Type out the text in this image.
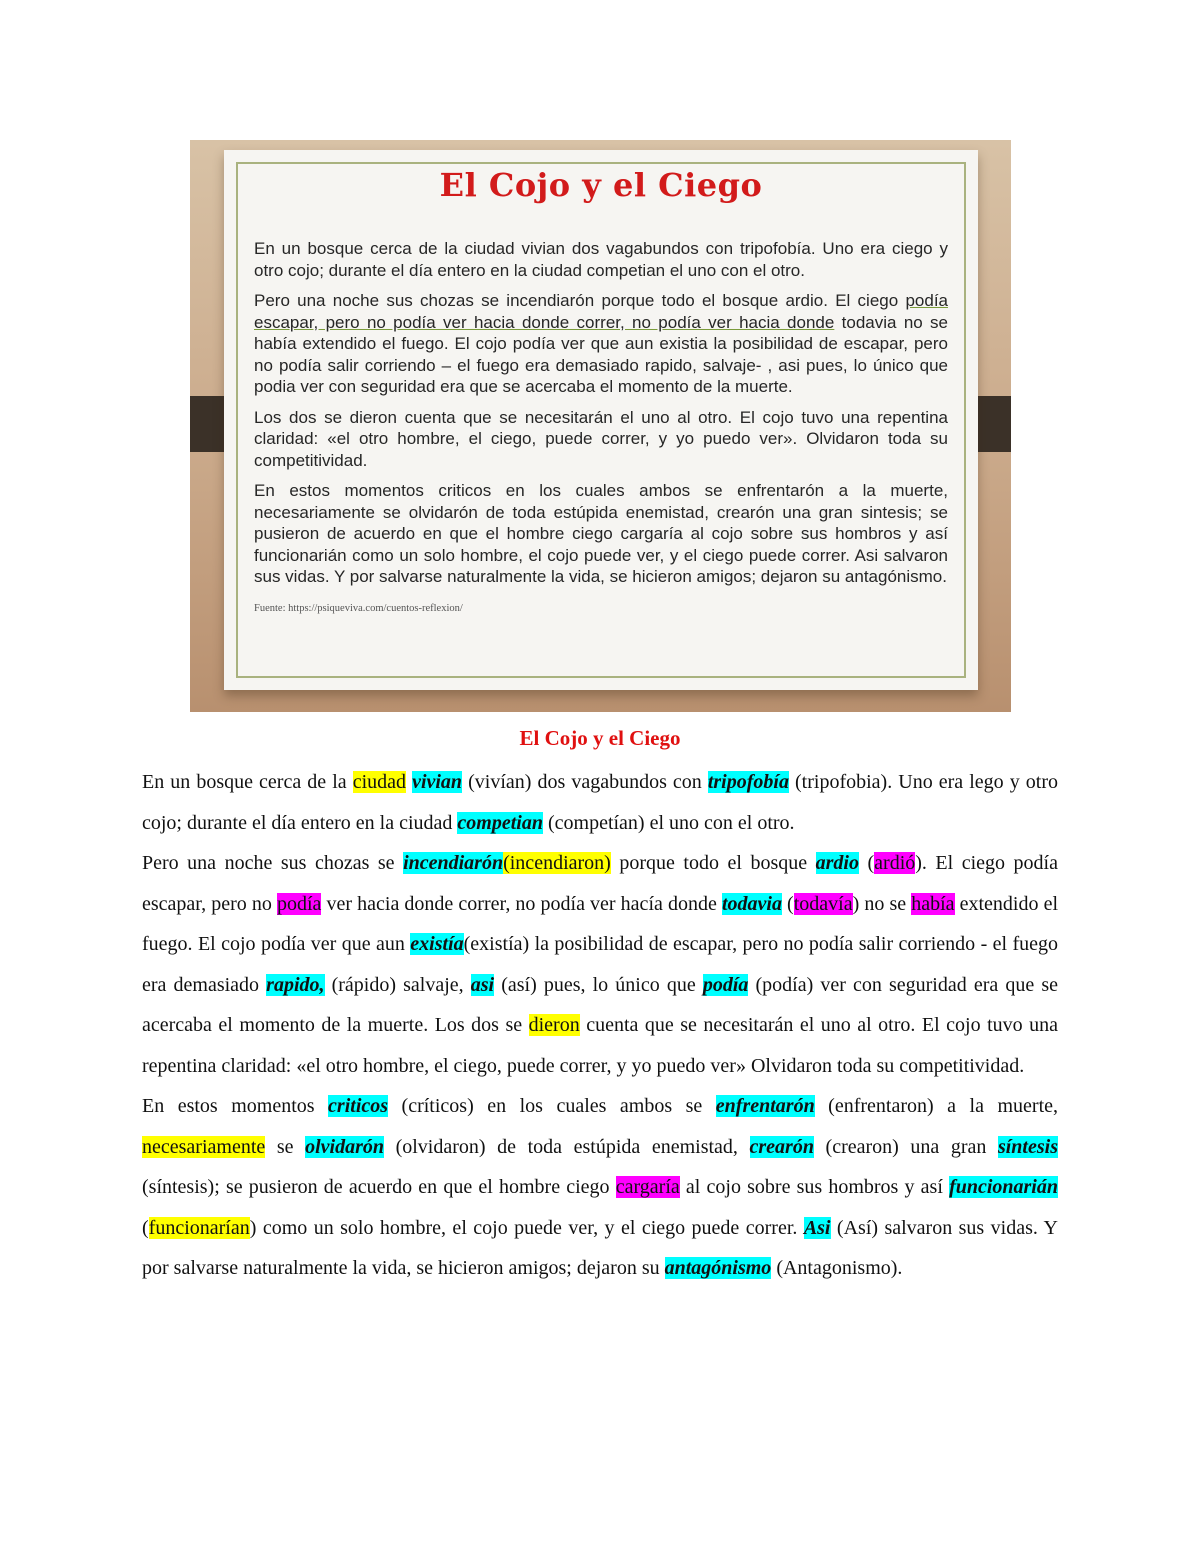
El Cojo y el Ciego

En un bosque cerca de la ciudad vivian dos vagabundos con tripofobía. Uno era ciego y otro cojo; durante el día entero en la ciudad competian el uno con el otro.

Pero una noche sus chozas se incendiarón porque todo el bosque ardio. El ciego podía escapar, pero no podía ver hacia donde correr, no podía ver hacia donde todavia no se había extendido el fuego. El cojo podía ver que aun existia la posibilidad de escapar, pero no podía salir corriendo – el fuego era demasiado rapido, salvaje- , asi pues, lo único que podia ver con seguridad era que se acercaba el momento de la muerte.

Los dos se dieron cuenta que se necesitarán el uno al otro. El cojo tuvo una repentina claridad: «el otro hombre, el ciego, puede correr, y yo puedo ver». Olvidaron toda su competitividad.

En estos momentos criticos en los cuales ambos se enfrentarón a la muerte, necesariamente se olvidarón de toda estúpida enemistad, crearón una gran sintesis; se pusieron de acuerdo en que el hombre ciego cargaría al cojo sobre sus hombros y así funcionarián como un solo hombre, el cojo puede ver, y el ciego puede correr. Asi salvaron sus vidas. Y por salvarse naturalmente la vida, se hicieron amigos; dejaron su antagónismo.

Fuente: https://psiqueviva.com/cuentos-reflexion/
El Cojo y el Ciego

En un bosque cerca de la ciudad vivian (vivían) dos vagabundos con tripofobía (tripofobia). Uno era lego y otro cojo; durante el día entero en la ciudad competian (competían) el uno con el otro.

Pero una noche sus chozas se incendiarón(incendiaron) porque todo el bosque ardio (ardió). El ciego podía escapar, pero no podía ver hacia donde correr, no podía ver hacía donde todavia (todavía) no se había extendido el fuego. El cojo podía ver que aun existía(existía) la posibilidad de escapar, pero no podía salir corriendo - el fuego era demasiado rapido, (rápido) salvaje, asi (así) pues, lo único que podía (podía) ver con seguridad era que se acercaba el momento de la muerte. Los dos se dieron cuenta que se necesitarán el uno al otro. El cojo tuvo una repentina claridad: «el otro hombre, el ciego, puede correr, y yo puedo ver» Olvidaron toda su competitividad.

En estos momentos criticos (críticos) en los cuales ambos se enfrentarón (enfrentaron) a la muerte, necesariamente se olvidarón (olvidaron) de toda estúpida enemistad, crearón (crearon) una gran síntesis (síntesis); se pusieron de acuerdo en que el hombre ciego cargaría al cojo sobre sus hombros y así funcionarián (funcionarían) como un solo hombre, el cojo puede ver, y el ciego puede correr. Asi (Así) salvaron sus vidas. Y por salvarse naturalmente la vida, se hicieron amigos; dejaron su antagónismo (Antagonismo).
